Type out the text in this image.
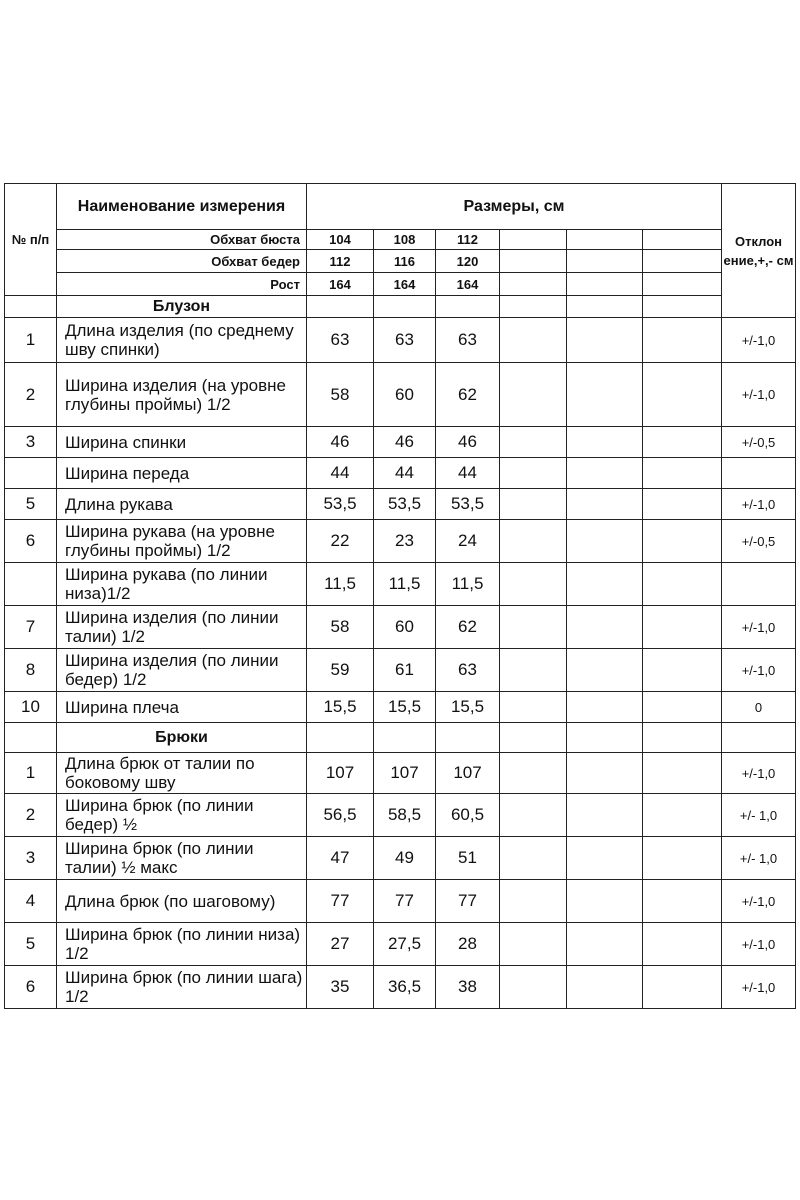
№ п/п	Наименование измерения	Размеры, см						Отклон ение,+,- см
	Обхват бюста	104	108	112				
	Обхват бедер	112	116	120				
	Рост	164	164	164				
	Блузон							
1	Длина изделия (по среднему шву спинки)	63	63	63				+/-1,0
2	Ширина изделия (на уровне глубины проймы) 1/2	58	60	62				+/-1,0
3	Ширина спинки	46	46	46				+/-0,5
	Ширина переда	44	44	44				
5	Длина рукава	53,5	53,5	53,5				+/-1,0
6	Ширина рукава (на уровне глубины проймы) 1/2	22	23	24				+/-0,5
	Ширина рукава (по линии низа)1/2	11,5	11,5	11,5				
7	Ширина изделия (по линии талии) 1/2	58	60	62				+/-1,0
8	Ширина изделия (по линии бедер) 1/2	59	61	63				+/-1,0
10	Ширина плеча	15,5	15,5	15,5				0
	Брюки							
1	Длина брюк от талии по боковому шву	107	107	107				+/-1,0
2	Ширина брюк (по линии бедер) ½	56,5	58,5	60,5				+/- 1,0
3	Ширина брюк (по линии талии) ½ макс	47	49	51				+/- 1,0
4	Длина брюк (по шаговому)	77	77	77				+/-1,0
5	Ширина брюк (по линии низа) 1/2	27	27,5	28				+/-1,0
6	Ширина брюк (по линии шага) 1/2	35	36,5	38				+/-1,0
